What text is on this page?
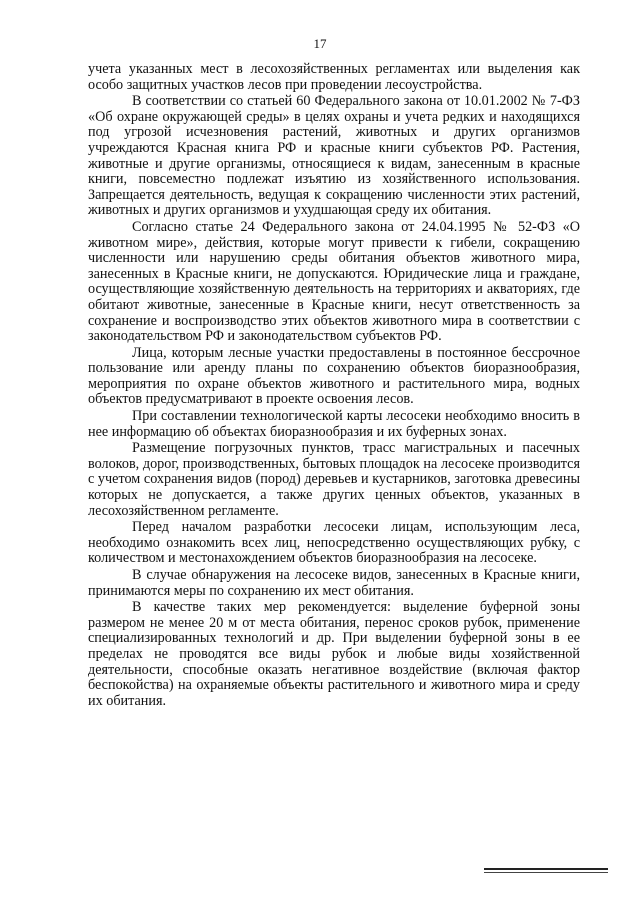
17

учета указанных мест в лесохозяйственных регламентах или выделения как особо защитных участков лесов при проведении лесоустройства.

В соответствии со статьей 60 Федерального закона от 10.01.2002 № 7-ФЗ «Об охране окружающей среды» в целях охраны и учета редких и находящихся под угрозой исчезновения растений, животных и других организмов учреждаются Красная книга РФ и красные книги субъектов РФ. Растения, животные и другие организмы, относящиеся к видам, занесенным в красные книги, повсеместно подлежат изъятию из хозяйственного использования. Запрещается деятельность, ведущая к сокращению численности этих растений, животных и других организмов и ухудшающая среду их обитания.

Согласно статье 24 Федерального закона от 24.04.1995 № 52-ФЗ «О животном мире», действия, которые могут привести к гибели, сокращению численности или нарушению среды обитания объектов животного мира, занесенных в Красные книги, не допускаются. Юридические лица и граждане, осуществляющие хозяйственную деятельность на территориях и акваториях, где обитают животные, занесенные в Красные книги, несут ответственность за сохранение и воспроизводство этих объектов животного мира в соответствии с законодательством РФ и законодательством субъектов РФ.

Лица, которым лесные участки предоставлены в постоянное бессрочное пользование или аренду планы по сохранению объектов биоразнообразия, мероприятия по охране объектов животного и растительного мира, водных объектов предусматривают в проекте освоения лесов.

При составлении технологической карты лесосеки необходимо вносить в нее информацию об объектах биоразнообразия и их буферных зонах.

Размещение погрузочных пунктов, трасс магистральных и пасечных волоков, дорог, производственных, бытовых площадок на лесосеке производится с учетом сохранения видов (пород) деревьев и кустарников, заготовка древесины которых не допускается, а также других ценных объектов, указанных в лесохозяйственном регламенте.

Перед началом разработки лесосеки лицам, использующим леса, необходимо ознакомить всех лиц, непосредственно осуществляющих рубку, с количеством и местонахождением объектов биоразнообразия на лесосеке.

В случае обнаружения на лесосеке видов, занесенных в Красные книги, принимаются меры по сохранению их мест обитания.

В качестве таких мер рекомендуется: выделение буферной зоны размером не менее 20 м от места обитания, перенос сроков рубок, применение специализированных технологий и др. При выделении буферной зоны в ее пределах не проводятся все виды рубок и любые виды хозяйственной деятельности, способные оказать негативное воздействие (включая фактор беспокойства) на охраняемые объекты растительного и животного мира и среду их обитания.
